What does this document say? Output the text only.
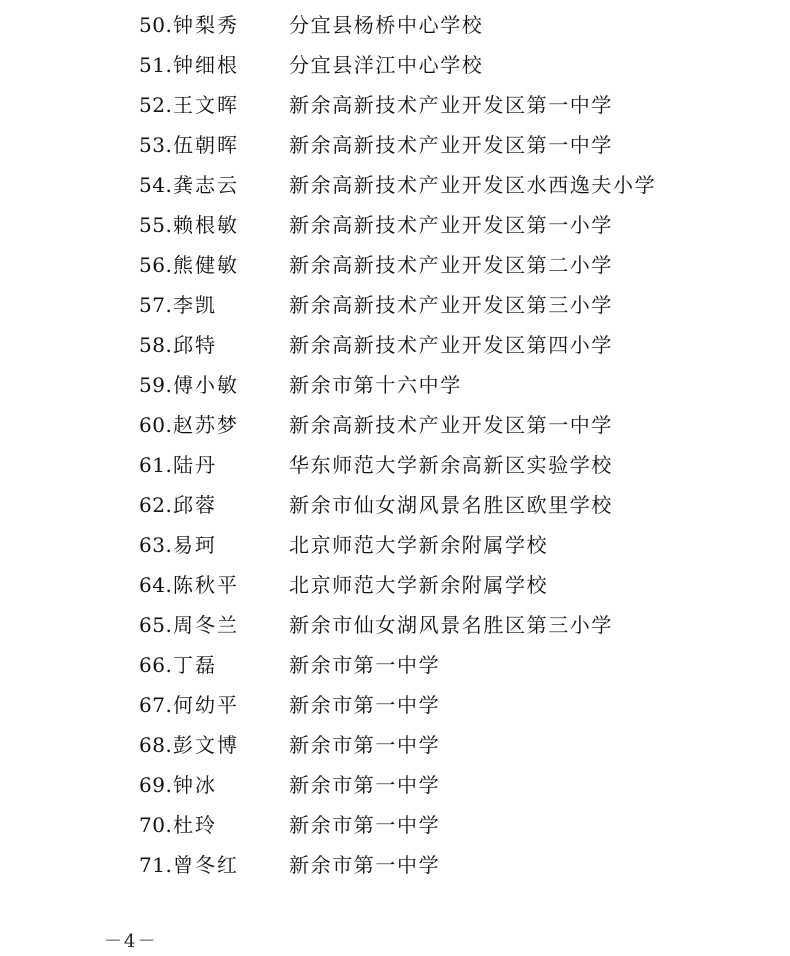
50. 钟梨秀	分宜县杨桥中心学校
51. 钟细根	分宜县洋江中心学校
52. 王文晖	新余高新技术产业开发区第一中学
53. 伍朝晖	新余高新技术产业开发区第一中学
54. 龚志云	新余高新技术产业开发区水西逸夫小学
55. 赖根敏	新余高新技术产业开发区第一小学
56. 熊健敏	新余高新技术产业开发区第二小学
57. 李凯	新余高新技术产业开发区第三小学
58. 邱特	新余高新技术产业开发区第四小学
59. 傅小敏	新余市第十六中学
60. 赵苏梦	新余高新技术产业开发区第一中学
61. 陆丹	华东师范大学新余高新区实验学校
62. 邱蓉	新余市仙女湖风景名胜区欧里学校
63. 易珂	北京师范大学新余附属学校
64. 陈秋平	北京师范大学新余附属学校
65. 周冬兰	新余市仙女湖风景名胜区第三小学
66. 丁磊	新余市第一中学
67. 何幼平	新余市第一中学
68. 彭文博	新余市第一中学
69. 钟冰	新余市第一中学
70. 杜玲	新余市第一中学
71. 曾冬红	新余市第一中学
－4－
